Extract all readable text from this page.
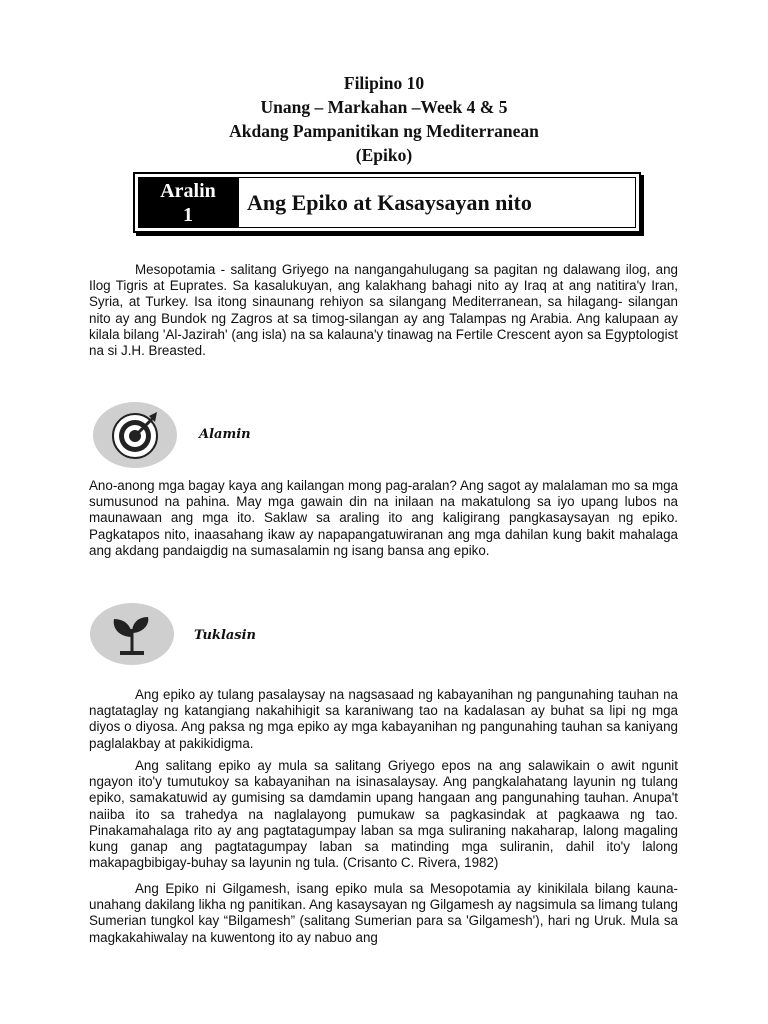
Filipino 10
Unang – Markahan –Week 4 & 5
Akdang Pampanitikan ng Mediterranean
(Epiko)
Aralin
1	Ang Epiko at Kasaysayan nito

Mesopotamia - salitang Griyego na nangangahulugang sa pagitan ng dalawang ilog, ang Ilog Tigris at Euprates. Sa kasalukuyan, ang kalakhang bahagi nito ay Iraq at ang natitira'y Iran, Syria, at Turkey. Isa itong sinaunang rehiyon sa silangang Mediterranean, sa hilagang- silangan nito ay ang Bundok ng Zagros at sa timog-silangan ay ang Talampas ng Arabia. Ang kalupaan ay kilala bilang 'Al-Jazirah' (ang isla) na sa kalauna'y tinawag na Fertile Crescent ayon sa Egyptologist na si J.H. Breasted.

Alamin

Ano-anong mga bagay kaya ang kailangan mong pag-aralan? Ang sagot ay malalaman mo sa mga sumusunod na pahina. May mga gawain din na inilaan na makatulong sa iyo upang lubos na maunawaan ang mga ito. Saklaw sa araling ito ang kaligirang pangkasaysayan ng epiko. Pagkatapos nito, inaasahang ikaw ay napapangatuwiranan ang mga dahilan kung bakit mahalaga ang akdang pandaigdig na sumasalamin ng isang bansa ang epiko.

Tuklasin

Ang epiko ay tulang pasalaysay na nagsasaad ng kabayanihan ng pangunahing tauhan na nagtataglay ng katangiang nakahihigit sa karaniwang tao na kadalasan ay buhat sa lipi ng mga diyos o diyosa. Ang paksa ng mga epiko ay mga kabayanihan ng pangunahing tauhan sa kaniyang paglalakbay at pakikidigma.

Ang salitang epiko ay mula sa salitang Griyego epos na ang salawikain o awit ngunit ngayon ito'y tumutukoy sa kabayanihan na isinasalaysay. Ang pangkalahatang layunin ng tulang epiko, samakatuwid ay gumising sa damdamin upang hangaan ang pangunahing tauhan. Anupa't naiiba ito sa trahedya na naglalayong pumukaw sa pagkasindak at pagkaawa ng tao. Pinakamahalaga rito ay ang pagtatagumpay laban sa mga suliraning nakaharap, lalong magaling kung ganap ang pagtatagumpay laban sa matinding mga suliranin, dahil ito'y lalong makapagbibigay-buhay sa layunin ng tula. (Crisanto C. Rivera, 1982)

Ang Epiko ni Gilgamesh, isang epiko mula sa Mesopotamia ay kinikilala bilang kauna-unahang dakilang likha ng panitikan. Ang kasaysayan ng Gilgamesh ay nagsimula sa limang tulang Sumerian tungkol kay “Bilgamesh” (salitang Sumerian para sa 'Gilgamesh'), hari ng Uruk. Mula sa magkakahiwalay na kuwentong ito ay nabuo ang
